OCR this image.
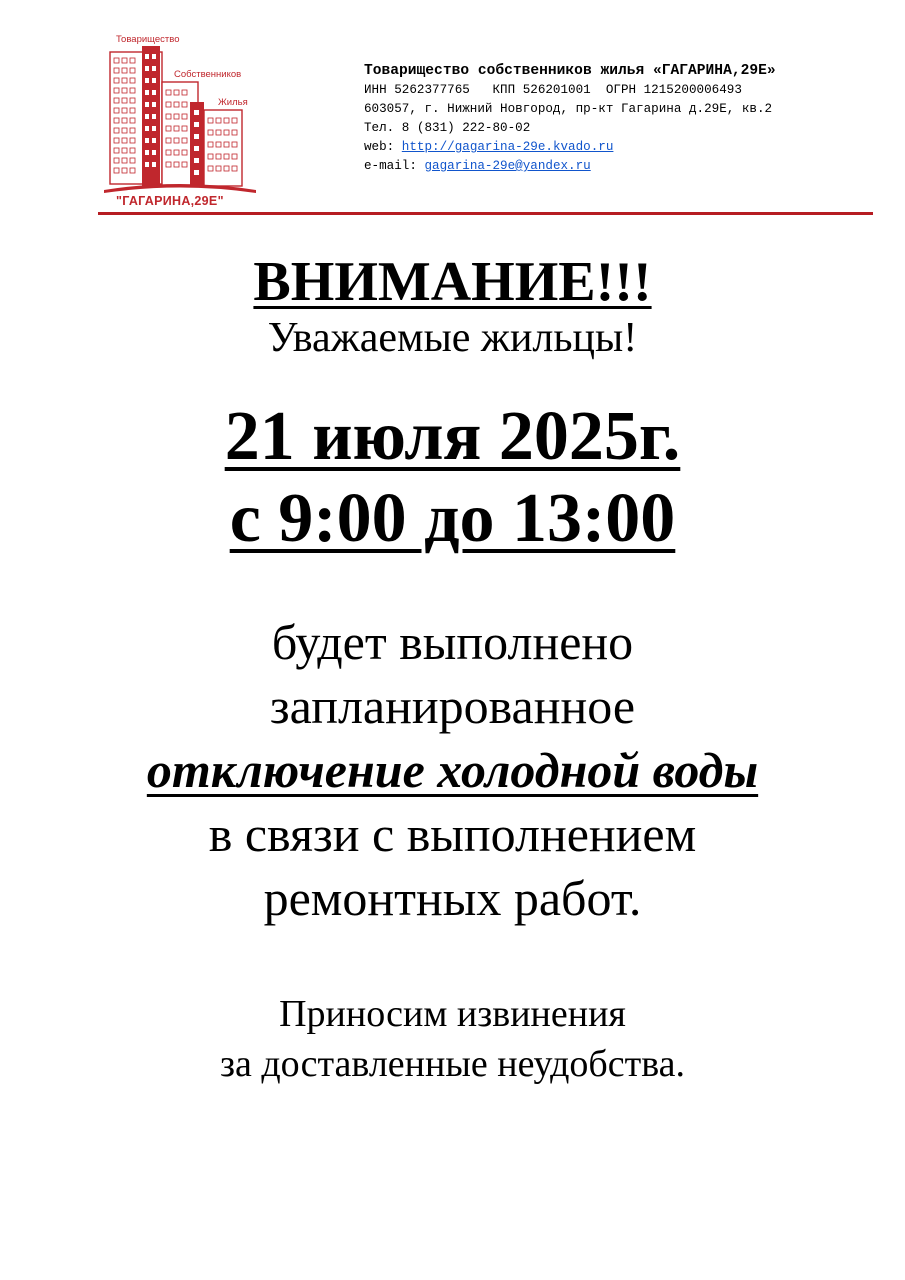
Товарищество
Собственников
Жилья
"ГАГАРИНА,29Е"
Товарищество собственников жилья «ГАГАРИНА,29Е»
ИНН 5262377765   КПП 526201001  ОГРН 1215200006493
603057, г. Нижний Новгород, пр-кт Гагарина д.29Е, кв.2
Тел. 8 (831) 222-80-02
web: http://gagarina-29e.kvado.ru
e-mail: gagarina-29e@yandex.ru
ВНИМАНИЕ!!!
Уважаемые жильцы!
21 июля 2025г.
с 9:00 до 13:00
будет выполнено
запланированное
отключение холодной воды
в связи с выполнением
ремонтных работ.
Приносим извинения
за доставленные неудобства.
